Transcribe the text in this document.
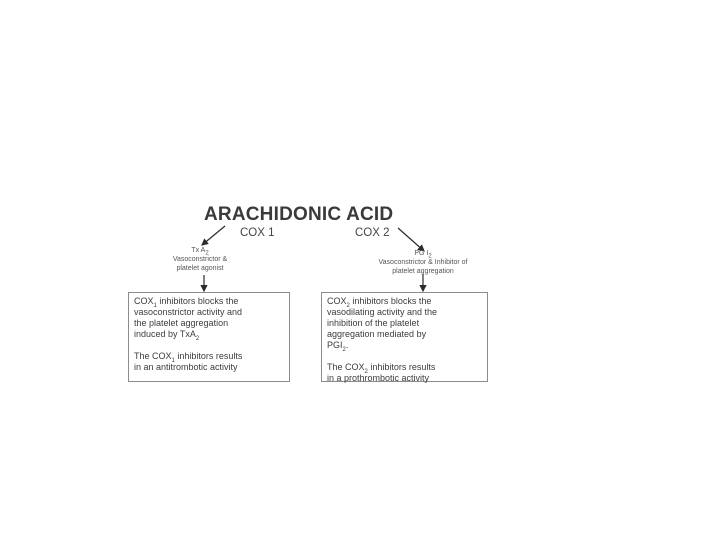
ARACHIDONIC ACID
COX 1	COX 2
Tx $A_2$
Vasoconstrictor &
platelet agonist
PG $I_2$
Vasoconstrictor & Inhibitor of
platelet aggregation

$COX_1$ inhibitors blocks the
vasoconstrictor activity and
the platelet aggregation
induced by TxA$_2$

The $COX_1$ inhibitors results
in an antitrombotic activity

$COX_2$ inhibitors blocks the
vasodilating activity and the
inhibition of the platelet
aggregation mediated by
$PGI_2$.

The $COX_2$ inhibitors results
in a prothrombotic activity
